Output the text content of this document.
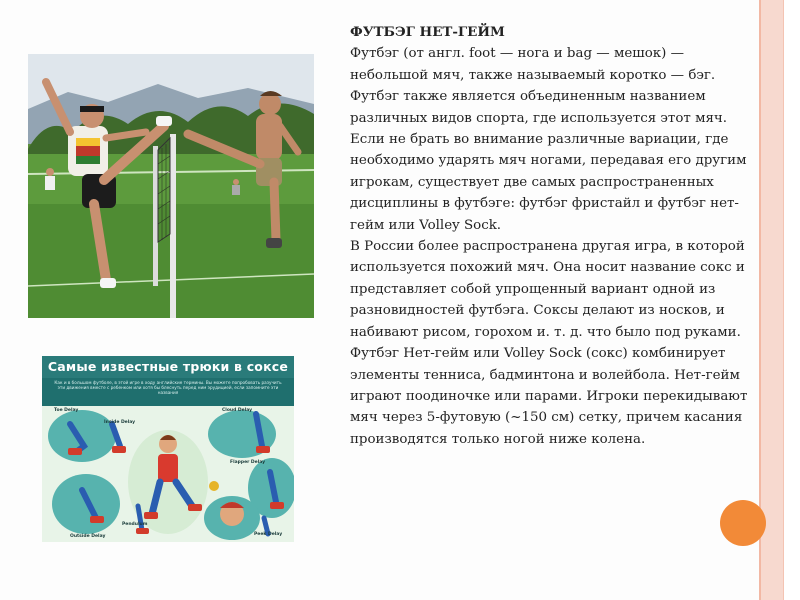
Самые известные трюки в соксе
Как и в большом футболе, в этой игре в ходу английские термины. Вы можете попробовать разучить эти движения вместе с ребенком или хотя бы блеснуть перед ним эрудицией, если запомните эти названия
Toe Delay
Inside Delay
Cloud Delay
Flapper Delay
Pendulum
Outside Delay	Peek Delay

ФУТБЭГ НЕТ-ГЕЙМ

Футбэг (от англ. foot — нога и bag — мешок) — небольшой мяч, также называемый коротко — бэг. Футбэг также является объединенным названием различных видов спорта, где используется этот мяч. Если не брать во внимание различные вариации, где необходимо ударять мяч ногами, передавая его другим игрокам, существует две самых распространенных дисциплины в футбэге: футбэг фристайл и футбэг нет-гейм или Volley Sock.

В России более распространена другая игра, в которой используется похожий мяч. Она носит название сокс и представляет собой упрощенный вариант одной из разновидностей футбэга. Соксы делают из носков, и набивают рисом, горохом и. т. д. что было под руками.

Футбэг Нет-гейм или Volley Sock (сокс) комбинирует элементы тенниса, бадминтона и волейбола. Нет-гейм играют поодиночке или парами. Игроки перекидывают мяч через 5-футовую (~150 см) сетку, причем касания производятся только ногой ниже колена.
